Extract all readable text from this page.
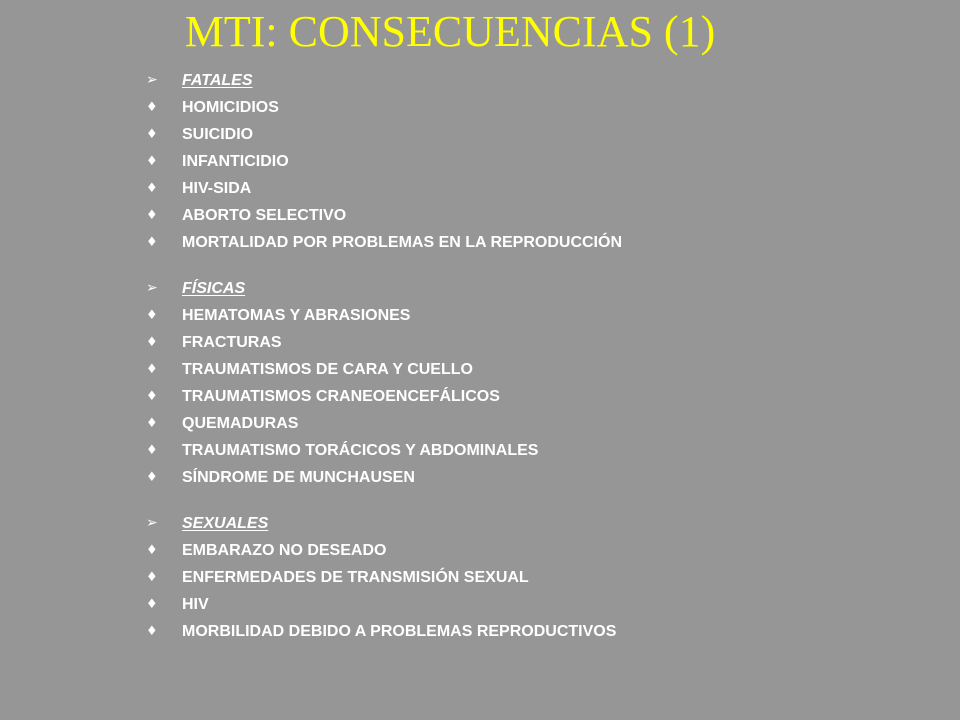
MTI: CONSECUENCIAS (1)
➢	FATALES
♦	HOMICIDIOS
♦	SUICIDIO
♦	INFANTICIDIO
♦	HIV-SIDA
♦	ABORTO SELECTIVO
♦	MORTALIDAD POR PROBLEMAS EN LA REPRODUCCIÓN
➢	FÍSICAS
♦	HEMATOMAS Y ABRASIONES
♦	FRACTURAS
♦	TRAUMATISMOS DE CARA Y CUELLO
♦	TRAUMATISMOS CRANEOENCEFÁLICOS
♦	QUEMADURAS
♦	TRAUMATISMO TORÁCICOS Y ABDOMINALES
♦	SÍNDROME DE MUNCHAUSEN
➢	SEXUALES
♦	EMBARAZO NO DESEADO
♦	ENFERMEDADES DE TRANSMISIÓN SEXUAL
♦	HIV
♦	MORBILIDAD DEBIDO A PROBLEMAS REPRODUCTIVOS
